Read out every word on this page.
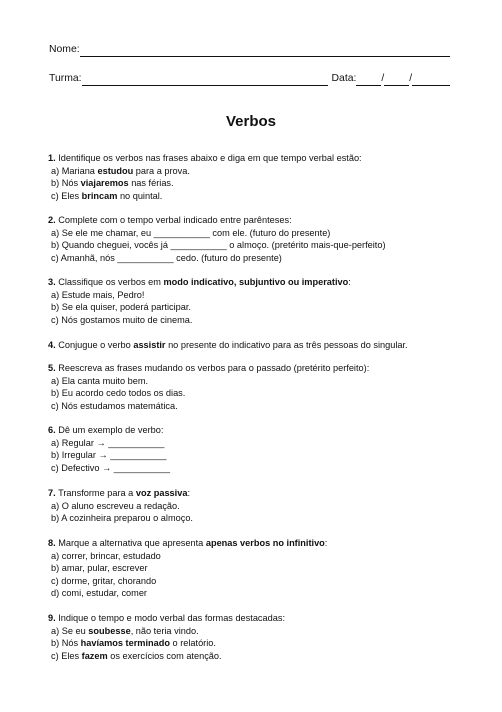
Nome:
Turma:	Data: / /
Verbos

1. Identifique os verbos nas frases abaixo e diga em que tempo verbal estão:

a) Mariana estudou para a prova.

b) Nós viajaremos nas férias.

c) Eles brincam no quintal.

2. Complete com o tempo verbal indicado entre parênteses:

a) Se ele me chamar, eu ___________ com ele. (futuro do presente)

b) Quando cheguei, vocês já ___________ o almoço. (pretérito mais-que-perfeito)

c) Amanhã, nós ___________ cedo. (futuro do presente)

3. Classifique os verbos em modo indicativo, subjuntivo ou imperativo:

a) Estude mais, Pedro!

b) Se ela quiser, poderá participar.

c) Nós gostamos muito de cinema.

4. Conjugue o verbo assistir no presente do indicativo para as três pessoas do singular.

5. Reescreva as frases mudando os verbos para o passado (pretérito perfeito):

a) Ela canta muito bem.

b) Eu acordo cedo todos os dias.

c) Nós estudamos matemática.

6. Dê um exemplo de verbo:

a) Regular → ___________

b) Irregular → ___________

c) Defectivo → ___________

7. Transforme para a voz passiva:

a) O aluno escreveu a redação.

b) A cozinheira preparou o almoço.

8. Marque a alternativa que apresenta apenas verbos no infinitivo:

a) correr, brincar, estudado

b) amar, pular, escrever

c) dorme, gritar, chorando

d) comi, estudar, comer

9. Indique o tempo e modo verbal das formas destacadas:

a) Se eu soubesse, não teria vindo.

b) Nós havíamos terminado o relatório.

c) Eles fazem os exercícios com atenção.
